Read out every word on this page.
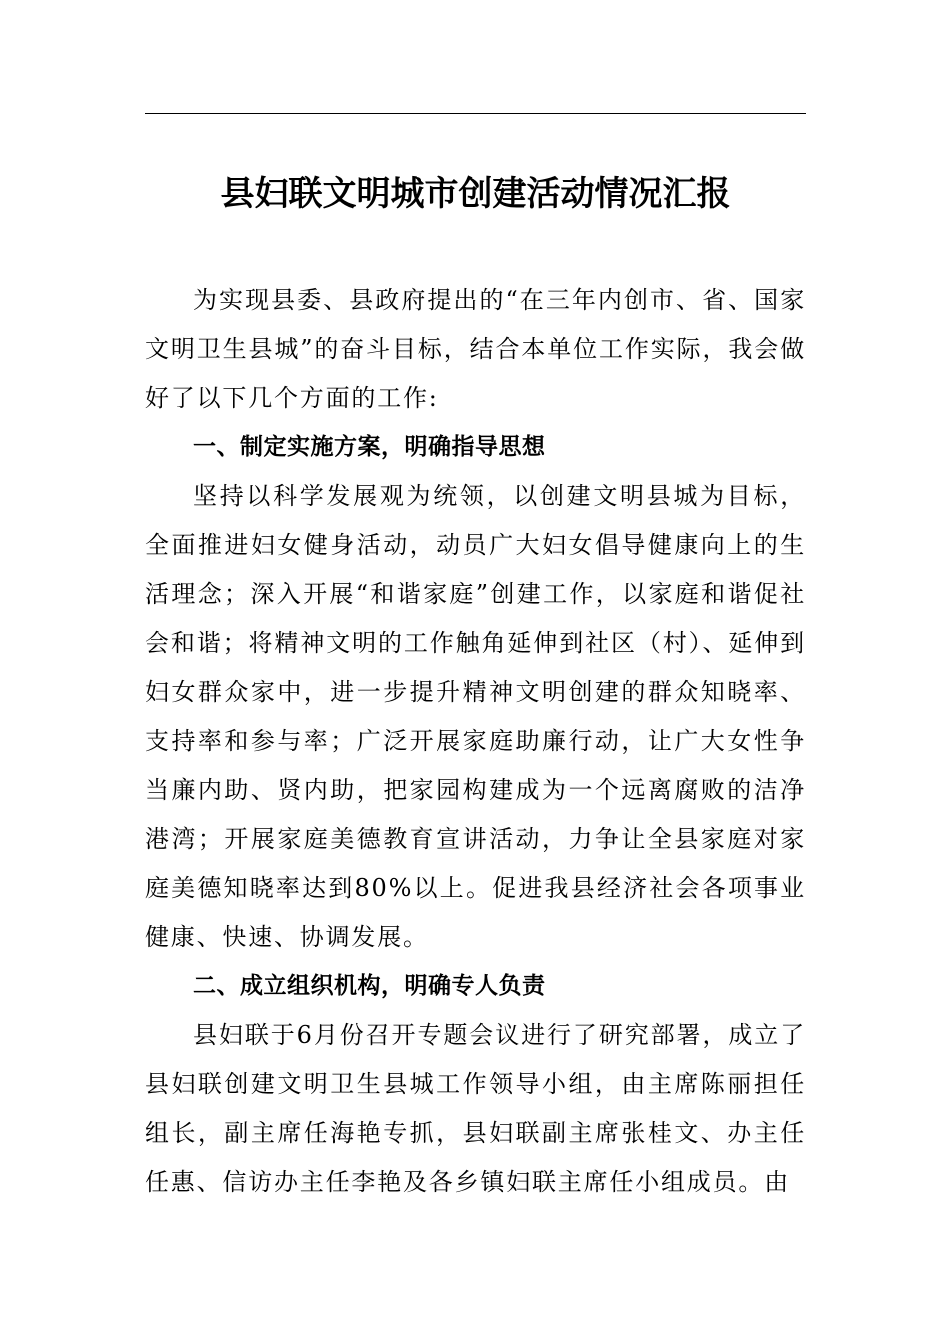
县妇联文明城市创建活动情况汇报

为实现县委、县政府提出的“在三年内创市、省、国家文明卫生县城”的奋斗目标，结合本单位工作实际，我会做好了以下几个方面的工作:

一、制定实施方案，明确指导思想

坚持以科学发展观为统领，以创建文明县城为目标，全面推进妇女健身活动，动员广大妇女倡导健康向上的生活理念；深入开展“和谐家庭”创建工作，以家庭和谐促社会和谐；将精神文明的工作触角延伸到社区（村）、延伸到妇女群众家中，进一步提升精神文明创建的群众知晓率、支持率和参与率；广泛开展家庭助廉行动，让广大女性争当廉内助、贤内助，把家园构建成为一个远离腐败的洁净港湾；开展家庭美德教育宣讲活动，力争让全县家庭对家庭美德知晓率达到80%以上。促进我县经济社会各项事业健康、快速、协调发展。

二、成立组织机构，明确专人负责

县妇联于6月份召开专题会议进行了研究部署，成立了县妇联创建文明卫生县城工作领导小组，由主席陈丽担任组长，副主席任海艳专抓，县妇联副主席张桂文、办主任任惠、信访办主任李艳及各乡镇妇联主席任小组成员。由
